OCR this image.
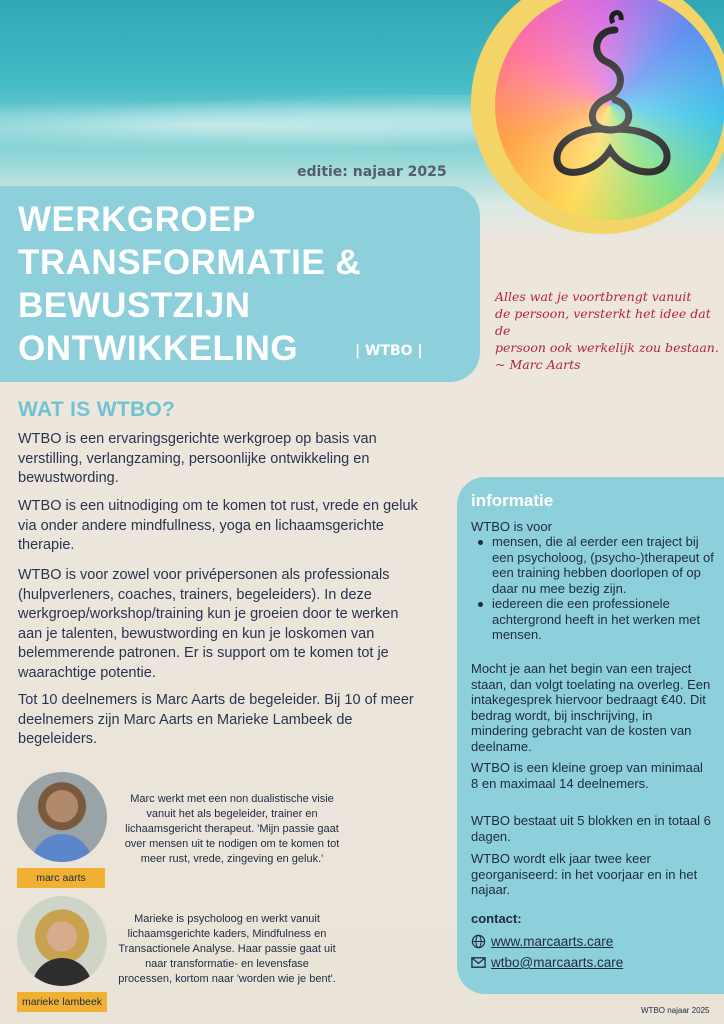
editie: najaar 2025
WERKGROEP
TRANSFORMATIE &
BEWUSTZIJN
ONTWIKKELING	| WTBO |
Alles wat je voortbrengt vanuit
de persoon, versterkt het idee dat de
persoon ook werkelijk zou bestaan.
~ Marc Aarts
WAT IS WTBO?

WTBO is een ervaringsgerichte werkgroep op basis van verstilling, verlangzaming, persoonlijke ontwikkeling en bewustwording.

WTBO is een uitnodiging om te komen tot rust, vrede en geluk via onder andere mindfullness, yoga en lichaamsgerichte therapie.

WTBO is voor zowel voor privépersonen als professionals (hulpverleners, coaches, trainers, begeleiders). In deze werkgroep/workshop/training kun je groeien door te werken aan je talenten, bewustwording en kun je loskomen van belemmerende patronen. Er is support om te komen tot je waarachtige potentie.

Tot 10 deelnemers is Marc Aarts de begeleider. Bij 10 of meer deelnemers zijn Marc Aarts en Marieke Lambeek de begeleiders.

informatie
WTBO is voor
mensen, die al eerder een traject bij een psycholoog, (psycho-)therapeut of een training hebben doorlopen of op daar nu mee bezig zijn.
iedereen die een professionele achtergrond heeft in het werken met mensen.

Mocht je aan het begin van een traject staan, dan volgt toelating na overleg. Een intakegesprek hiervoor bedraagt €40. Dit bedrag wordt, bij inschrijving, in mindering gebracht van de kosten van deelname.

WTBO is een kleine groep van minimaal 8 en maximaal 14 deelnemers.

WTBO bestaat uit 5 blokken en in totaal 6 dagen.

WTBO wordt elk jaar twee keer georganiseerd: in het voorjaar en in het najaar.

contact:
www.marcaarts.care
wtbo@marcaarts.care
marc aarts

Marc werkt met een non dualistische visie vanuit het als begeleider, trainer en lichaamsgericht therapeut. 'Mijn passie gaat over mensen uit te nodigen om te komen tot meer rust, vrede, zingeving en geluk.'

marieke lambeek

Marieke is psycholoog en werkt vanuit lichaamsgerichte kaders, Mindfulness en Transactionele Analyse. Haar passie gaat uit naar transformatie- en levensfase processen, kortom naar 'worden wie je bent'.

WTBO najaar 2025
